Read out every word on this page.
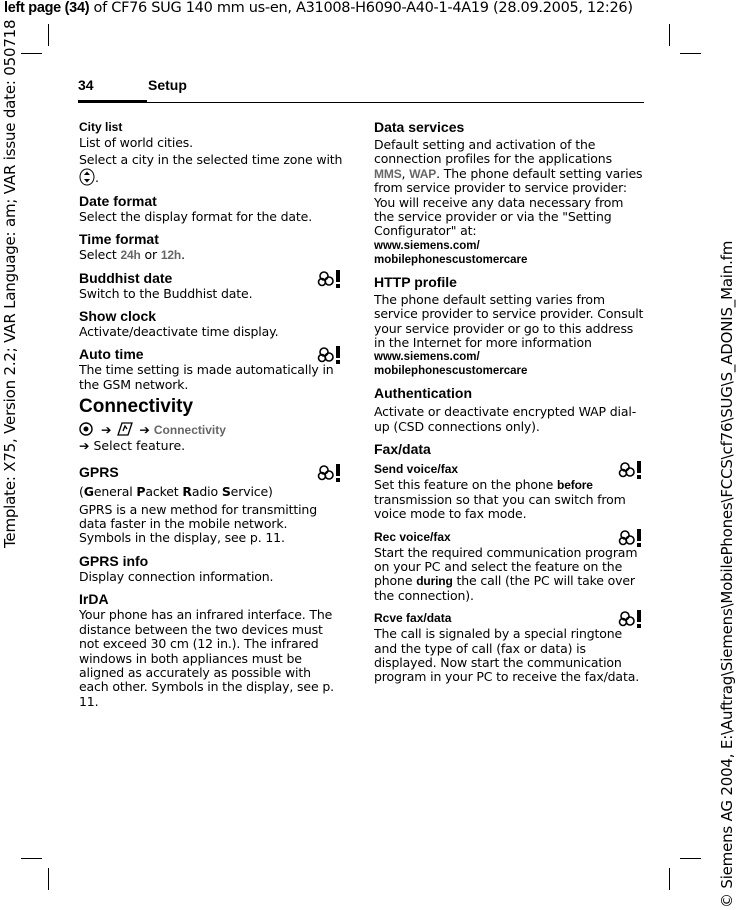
left page (34) of CF76 SUG 140 mm us-en, A31008-H6090-A40-1-4A19 (28.09.2005, 12:26)
Template: X75, Version 2.2; VAR Language: am; VAR issue date: 050718	© Siemens AG 2004, E:\Auftrag\Siemens\MobilePhones\FCCS\cf76\SUG\S_ADONIS_Main.fm
34	Setup
City list

List of world cities.

Select a city in the selected time zone with .

Date format

Select the display format for the date.

Time format

Select 24h or 12h.

Buddhist date

Switch to the Buddhist date.

Show clock

Activate/deactivate time display.

Auto time

The time setting is made automatically in the GSM network.

Connectivity
➔ ➔ Connectivity
➔ Select feature.
GPRS

(General Packet Radio Service)

GPRS is a new method for transmitting data faster in the mobile network. Symbols in the display, see p. 11.

GPRS info

Display connection information.

IrDA

Your phone has an infrared interface. The distance between the two devices must not exceed 30 cm (12 in.). The infrared windows in both appliances must be aligned as accurately as possible with each other. Symbols in the display, see p. 11.

Data services

Default setting and activation of the connection profiles for the applications MMS, WAP. The phone default setting varies from service provider to service provider: You will receive any data necessary from the service provider or via the "Setting Configurator" at:

www.siemens.com/
mobilephonescustomercare
HTTP profile

The phone default setting varies from service provider to service provider. Consult your service provider or go to this address in the Internet for more information

www.siemens.com/
mobilephonescustomercare
Authentication

Activate or deactivate encrypted WAP dial-up (CSD connections only).

Fax/data
Send voice/fax

Set this feature on the phone before transmission so that you can switch from voice mode to fax mode.

Rec voice/fax

Start the required communication program on your PC and select the feature on the phone during the call (the PC will take over the connection).

Rcve fax/data

The call is signaled by a special ringtone and the type of call (fax or data) is displayed. Now start the communication program in your PC to receive the fax/data.
